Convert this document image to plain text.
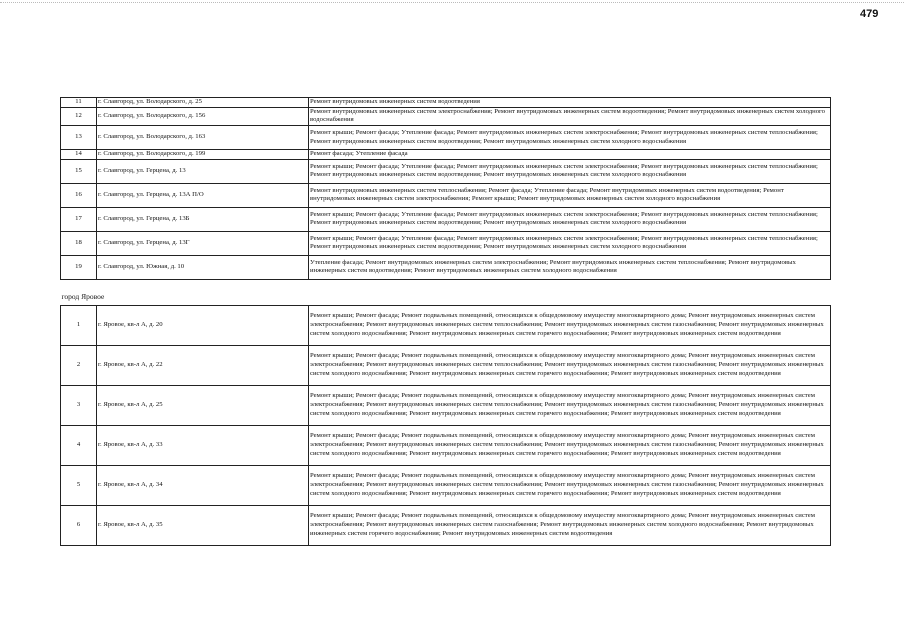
479
11	г. Славгород, ул. Володарского, д. 25	Ремонт внутридомовых инженерных систем водоотведения
12	г. Славгород, ул. Володарского, д. 156	Ремонт внутридомовых инженерных систем электроснабжения; Ремонт внутридомовых инженерных систем водоотведения; Ремонт внутридомовых инженерных систем холодного водоснабжения
13	г. Славгород, ул. Володарского, д. 163	Ремонт крыши; Ремонт фасада; Утепление фасада; Ремонт внутридомовых инженерных систем электроснабжения; Ремонт внутридомовых инженерных систем теплоснабжения; Ремонт внутридомовых инженерных систем водоотведения; Ремонт внутридомовых инженерных систем холодного водоснабжения
14	г. Славгород, ул. Володарского, д. 199	Ремонт фасада; Утепление фасада
15	г. Славгород, ул. Герцена, д. 13	Ремонт крыши; Ремонт фасада; Утепление фасада; Ремонт внутридомовых инженерных систем электроснабжения; Ремонт внутридомовых инженерных систем теплоснабжения; Ремонт внутридомовых инженерных систем водоотведения; Ремонт внутридомовых инженерных систем холодного водоснабжения
16	г. Славгород, ул. Герцена, д. 13А П/О	Ремонт внутридомовых инженерных систем теплоснабжения; Ремонт фасада; Утепление фасада; Ремонт внутридомовых инженерных систем водоотведения; Ремонт внутридомовых инженерных систем электроснабжения; Ремонт крыши; Ремонт внутридомовых инженерных систем холодного водоснабжения
17	г. Славгород, ул. Герцена, д. 13Б	Ремонт крыши; Ремонт фасада; Утепление фасада; Ремонт внутридомовых инженерных систем электроснабжения; Ремонт внутридомовых инженерных систем теплоснабжения; Ремонт внутридомовых инженерных систем водоотведения; Ремонт внутридомовых инженерных систем холодного водоснабжения
18	г. Славгород, ул. Герцена, д. 13Г	Ремонт крыши; Ремонт фасада; Утепление фасада; Ремонт внутридомовых инженерных систем электроснабжения; Ремонт внутридомовых инженерных систем теплоснабжения; Ремонт внутридомовых инженерных систем водоотведения; Ремонт внутридомовых инженерных систем холодного водоснабжения
19	г. Славгород, ул. Южная, д. 10	Утепление фасада; Ремонт внутридомовых инженерных систем электроснабжения; Ремонт внутридомовых инженерных систем теплоснабжения; Ремонт внутридомовых инженерных систем водоотведения; Ремонт внутридомовых инженерных систем холодного водоснабжения
город Яровое		
1	г. Яровое, кв-л А, д. 20	Ремонт крыши; Ремонт фасада; Ремонт подвальных помещений, относящихся к общедомовому имуществу многоквартирного дома; Ремонт внутридомовых инженерных систем электроснабжения; Ремонт внутридомовых инженерных систем теплоснабжения; Ремонт внутридомовых инженерных систем газоснабжения; Ремонт внутридомовых инженерных систем холодного водоснабжения; Ремонт внутридомовых инженерных систем горячего водоснабжения; Ремонт внутридомовых инженерных систем водоотведения
2	г. Яровое, кв-л А, д. 22	Ремонт крыши; Ремонт фасада; Ремонт подвальных помещений, относящихся к общедомовому имуществу многоквартирного дома; Ремонт внутридомовых инженерных систем электроснабжения; Ремонт внутридомовых инженерных систем теплоснабжения; Ремонт внутридомовых инженерных систем газоснабжения; Ремонт внутридомовых инженерных систем холодного водоснабжения; Ремонт внутридомовых инженерных систем горячего водоснабжения; Ремонт внутридомовых инженерных систем водоотведения
3	г. Яровое, кв-л А, д. 25	Ремонт крыши; Ремонт фасада; Ремонт подвальных помещений, относящихся к общедомовому имуществу многоквартирного дома; Ремонт внутридомовых инженерных систем электроснабжения; Ремонт внутридомовых инженерных систем теплоснабжения; Ремонт внутридомовых инженерных систем газоснабжения; Ремонт внутридомовых инженерных систем холодного водоснабжения; Ремонт внутридомовых инженерных систем горячего водоснабжения; Ремонт внутридомовых инженерных систем водоотведения
4	г. Яровое, кв-л А, д. 33	Ремонт крыши; Ремонт фасада; Ремонт подвальных помещений, относящихся к общедомовому имуществу многоквартирного дома; Ремонт внутридомовых инженерных систем электроснабжения; Ремонт внутридомовых инженерных систем теплоснабжения; Ремонт внутридомовых инженерных систем газоснабжения; Ремонт внутридомовых инженерных систем холодного водоснабжения; Ремонт внутридомовых инженерных систем горячего водоснабжения; Ремонт внутридомовых инженерных систем водоотведения
5	г. Яровое, кв-л А, д. 34	Ремонт крыши; Ремонт фасада; Ремонт подвальных помещений, относящихся к общедомовому имуществу многоквартирного дома; Ремонт внутридомовых инженерных систем электроснабжения; Ремонт внутридомовых инженерных систем теплоснабжения; Ремонт внутридомовых инженерных систем газоснабжения; Ремонт внутридомовых инженерных систем холодного водоснабжения; Ремонт внутридомовых инженерных систем горячего водоснабжения; Ремонт внутридомовых инженерных систем водоотведения
6	г. Яровое, кв-л А, д. 35	Ремонт крыши; Ремонт фасада; Ремонт подвальных помещений, относящихся к общедомовому имуществу многоквартирного дома; Ремонт внутридомовых инженерных систем электроснабжения; Ремонт внутридомовых инженерных систем газоснабжения; Ремонт внутридомовых инженерных систем холодного водоснабжения; Ремонт внутридомовых инженерных систем горячего водоснабжения; Ремонт внутридомовых инженерных систем водоотведения
